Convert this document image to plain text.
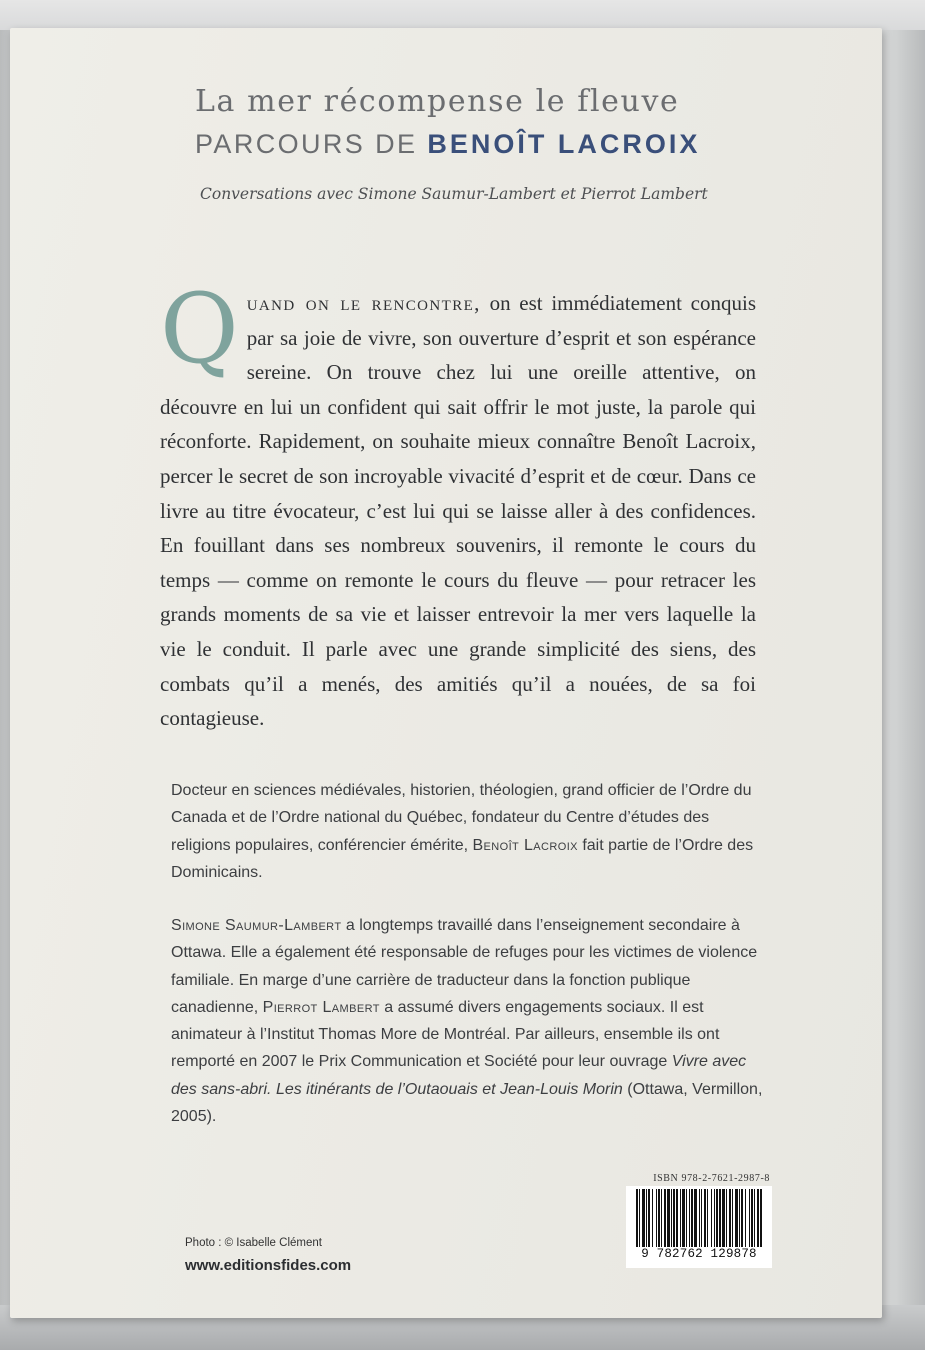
La mer récompense le fleuve
PARCOURS DE BENOÎT LACROIX
Conversations avec Simone Saumur-Lambert et Pierrot Lambert
Quand on le rencontre, on est immédiatement conquis par sa joie de vivre, son ouverture d’esprit et son espérance sereine. On trouve chez lui une oreille attentive, on découvre en lui un confident qui sait offrir le mot juste, la parole qui réconforte. Rapidement, on souhaite mieux connaître Benoît Lacroix, percer le secret de son incroyable vivacité d’esprit et de cœur. Dans ce livre au titre évocateur, c’est lui qui se laisse aller à des confidences. En fouillant dans ses nombreux souvenirs, il remonte le cours du temps — comme on remonte le cours du fleuve — pour retracer les grands moments de sa vie et laisser entrevoir la mer vers laquelle la vie le conduit. Il parle avec une grande simplicité des siens, des combats qu’il a menés, des amitiés qu’il a nouées, de sa foi contagieuse.
Docteur en sciences médiévales, historien, théologien, grand officier de l’Ordre du Canada et de l’Ordre national du Québec, fondateur du Centre d’études des religions populaires, conférencier émérite, Benoît Lacroix fait partie de l’Ordre des Dominicains.
Simone Saumur-Lambert a longtemps travaillé dans l’enseignement secondaire à Ottawa. Elle a également été responsable de refuges pour les victimes de violence familiale. En marge d’une carrière de traducteur dans la fonction publique canadienne, Pierrot Lambert a assumé divers engagements sociaux. Il est animateur à l’Institut Thomas More de Montréal. Par ailleurs, ensemble ils ont remporté en 2007 le Prix Communication et Société pour leur ouvrage Vivre avec des sans-abri. Les itinérants de l’Outaouais et Jean-Louis Morin (Ottawa, Vermillon, 2005).
Photo : © Isabelle Clément
www.editionsfides.com
ISBN 978-2-7621-2987-8
9 782762 129878
